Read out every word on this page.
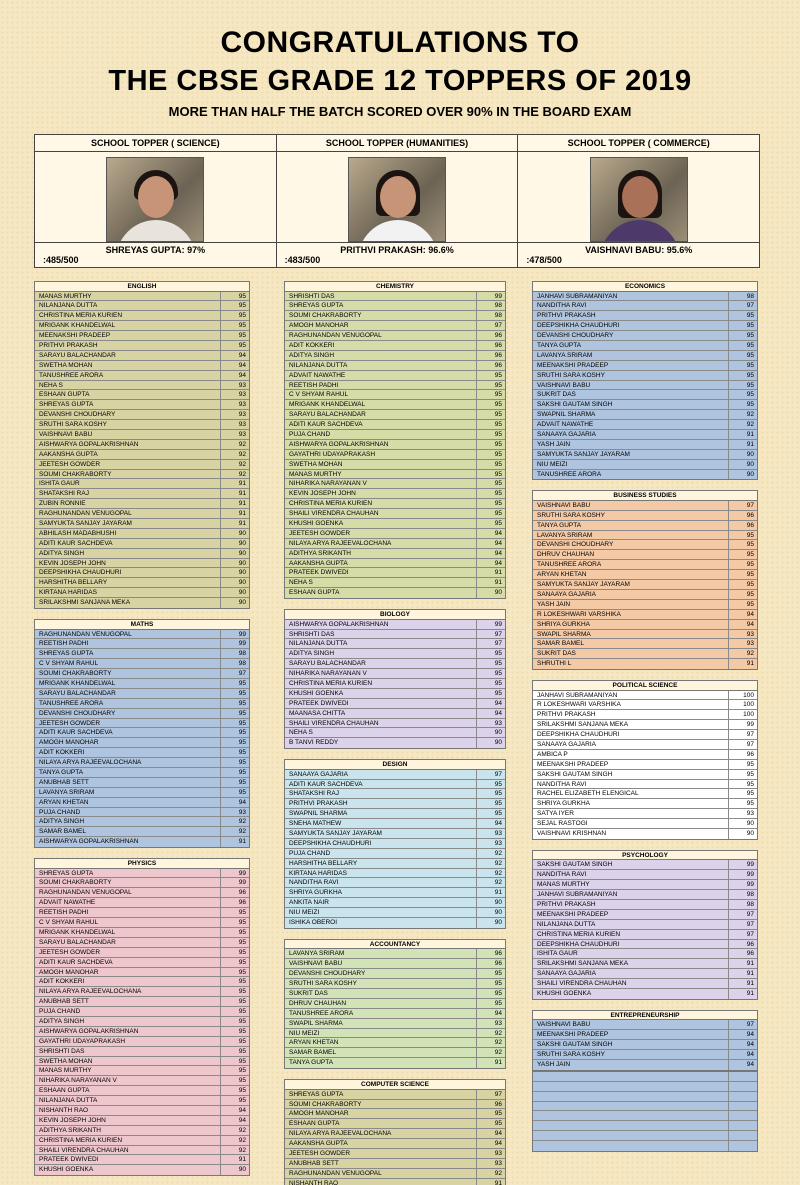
CONGRATULATIONS TO
THE CBSE GRADE 12 TOPPERS OF 2019
MORE THAN HALF THE BATCH SCORED OVER 90% IN THE BOARD EXAM
SCHOOL TOPPER ( SCIENCE)
SHREYAS GUPTA: 97%
:485/500
SCHOOL TOPPER (HUMANITIES)
PRITHVI PRAKASH: 96.6%
:483/500
SCHOOL TOPPER ( COMMERCE)
VAISHNAVI BABU: 95.6%
:478/500
ENGLISH
MANAS MURTHY	95
NILANJANA DUTTA	95
CHRISTINA MERIA KURIEN	95
MRIGANK KHANDELWAL	95
MEENAKSHI PRADEEP	95
PRITHVI PRAKASH	95
SARAYU BALACHANDAR	94
SWETHA MOHAN	94
TANUSHREE ARORA	94
NEHA S	93
ESHAAN GUPTA	93
SHREYAS GUPTA	93
DEVANSHI CHOUDHARY	93
SRUTHI SARA KOSHY	93
VAISHNAVI BABU	93
AISHWARYA GOPALAKRISHNAN	92
AAKANSHA GUPTA	92
JEETESH GOWDER	92
SOUMI CHAKRABORTY	92
ISHITA GAUR	91
SHATAKSHI RAJ	91
ZUBIN RONNIE	91
RAGHUNANDAN VENUGOPAL	91
SAMYUKTA SANJAY JAYARAM	91
ABHILASH MADABHUSHI	90
ADITI KAUR SACHDEVA	90
ADITYA SINGH	90
KEVIN JOSEPH JOHN	90
DEEPSHIKHA CHAUDHURI	90
HARSHITHA BELLARY	90
KIRTANA HARIDAS	90
SRILAKSHMI SANJANA MEKA	90
MATHS
RAGHUNANDAN VENUGOPAL	99
REETISH PADHI	99
SHREYAS GUPTA	98
C V SHYAM RAHUL	98
SOUMI CHAKRABORTY	97
MRIGANK KHANDELWAL	95
SARAYU BALACHANDAR	95
TANUSHREE ARORA	95
DEVANSHI CHOUDHARY	95
JEETESH GOWDER	95
ADITI KAUR SACHDEVA	95
AMOGH MANOHAR	95
ADIT KOKKERI	95
NILAYA ARYA RAJEEVALOCHANA	95
TANYA GUPTA	95
ANUBHAB SETT	95
LAVANYA SRIRAM	95
ARYAN KHETAN	94
PUJA CHAND	93
ADITYA SINGH	92
SAMAR BAMEL	92
AISHWARYA GOPALAKRISHNAN	91
PHYSICS
SHREYAS GUPTA	99
SOUMI CHAKRABORTY	99
RAGHUNANDAN VENUGOPAL	96
ADVAIT NAWATHE	96
REETISH PADHI	95
C V SHYAM RAHUL	95
MRIGANK KHANDELWAL	95
SARAYU BALACHANDAR	95
JEETESH GOWDER	95
ADITI KAUR SACHDEVA	95
AMOGH MANOHAR	95
ADIT KOKKERI	95
NILAYA ARYA RAJEEVALOCHANA	95
ANUBHAB SETT	95
PUJA CHAND	95
ADITYA SINGH	95
AISHWARYA GOPALAKRISHNAN	95
GAYATHRI UDAYAPRAKASH	95
SHRISHTI DAS	95
SWETHA MOHAN	95
MANAS MURTHY	95
NIHARIKA NARAYANAN V	95
ESHAAN GUPTA	95
NILANJANA DUTTA	95
NISHANTH RAO	94
KEVIN JOSEPH JOHN	94
ADITHYA SRIKANTH	92
CHRISTINA MERIA KURIEN	92
SHAILI VIRENDRA CHAUHAN	92
PRATEEK DWIVEDI	91
KHUSHI GOENKA	90
CHEMISTRY
SHRISHTI DAS	99
SHREYAS GUPTA	98
SOUMI CHAKRABORTY	98
AMOGH MANOHAR	97
RAGHUNANDAN VENUGOPAL	96
ADIT KOKKERI	96
ADITYA SINGH	96
NILANJANA DUTTA	96
ADVAIT NAWATHE	95
REETISH PADHI	95
C V SHYAM RAHUL	95
MRIGANK KHANDELWAL	95
SARAYU BALACHANDAR	95
ADITI KAUR SACHDEVA	95
PUJA CHAND	95
AISHWARYA GOPALAKRISHNAN	95
GAYATHRI UDAYAPRAKASH	95
SWETHA MOHAN	95
MANAS MURTHY	95
NIHARIKA NARAYANAN V	95
KEVIN JOSEPH JOHN	95
CHRISTINA MERIA KURIEN	95
SHAILI VIRENDRA CHAUHAN	95
KHUSHI GOENKA	95
JEETESH GOWDER	94
NILAYA ARYA RAJEEVALOCHANA	94
ADITHYA SRIKANTH	94
AAKANSHA GUPTA	94
PRATEEK DWIVEDI	91
NEHA S	91
ESHAAN GUPTA	90
BIOLOGY
AISHWARYA GOPALAKRISHNAN	99
SHRISHTI DAS	97
NILANJANA DUTTA	97
ADITYA SINGH	95
SARAYU BALACHANDAR	95
NIHARIKA NARAYANAN V	95
CHRISTINA MERIA KURIEN	95
KHUSHI GOENKA	95
PRATEEK DWIVEDI	94
MAANASA CHITTA	94
SHAILI VIRENDRA CHAUHAN	93
NEHA S	90
B TANVI REDDY	90
DESIGN
SANAAYA GAJARIA	97
ADITI KAUR SACHDEVA	95
SHATAKSHI RAJ	95
PRITHVI PRAKASH	95
SWAPNIL SHARMA	95
SNEHA MATHEW	94
SAMYUKTA SANJAY JAYARAM	93
DEEPSHIKHA CHAUDHURI	93
PUJA CHAND	92
HARSHITHA BELLARY	92
KIRTANA HARIDAS	92
NANDITHA RAVI	92
SHRIYA GURKHA	91
ANKITA NAIR	90
NIU MEIZI	90
ISHIKA OBEROI	90
ACCOUNTANCY
LAVANYA SRIRAM	96
VAISHNAVI BABU	96
DEVANSHI CHOUDHARY	95
SRUTHI SARA KOSHY	95
SUKRIT DAS	95
DHRUV CHAUHAN	95
TANUSHREE ARORA	94
SWAPIL SHARMA	93
NIU MEIZI	92
ARYAN KHETAN	92
SAMAR BAMEL	92
TANYA GUPTA	91
COMPUTER SCIENCE
SHREYAS GUPTA	97
SOUMI CHAKRABORTY	96
AMOGH MANOHAR	95
ESHAAN GUPTA	95
NILAYA ARYA RAJEEVALOCHANA	94
AAKANSHA GUPTA	94
JEETESH GOWDER	93
ANUBHAB SETT	93
RAGHUNANDAN VENUGOPAL	92
NISHANTH RAO	91
ECONOMICS
JANHAVI SUBRAMANIYAN	98
NANDITHA RAVI	97
PRITHVI PRAKASH	95
DEEPSHIKHA CHAUDHURI	95
DEVANSHI CHOUDHARY	95
TANYA GUPTA	95
LAVANYA SRIRAM	95
MEENAKSHI PRADEEP	95
SRUTHI SARA KOSHY	95
VAISHNAVI BABU	95
SUKRIT DAS	95
SAKSHI GAUTAM SINGH	95
SWAPNIL SHARMA	92
ADVAIT NAWATHE	92
SANAAYA GAJARIA	91
YASH JAIN	91
SAMYUKTA SANJAY JAYARAM	90
NIU MEIZI	90
TANUSHREE ARORA	90
BUSINESS STUDIES
VAISHNAVI BABU	97
SRUTHI SARA KOSHY	96
TANYA GUPTA	96
LAVANYA SRIRAM	95
DEVANSHI CHOUDHARY	95
DHRUV CHAUHAN	95
TANUSHREE ARORA	95
ARYAN KHETAN	95
SAMYUKTA SANJAY JAYARAM	95
SANAAYA GAJARIA	95
YASH JAIN	95
R LOKESHWARI VARSHIKA	94
SHRIYA GURKHA	94
SWAPIL SHARMA	93
SAMAR BAMEL	93
SUKRIT DAS	92
SHRUTHI L	91
POLITICAL SCIENCE
JANHAVI SUBRAMANIYAN	100
R LOKESHWARI VARSHIKA	100
PRITHVI PRAKASH	100
SRILAKSHMI SANJANA MEKA	99
DEEPSHIKHA CHAUDHURI	97
SANAAYA GAJARIA	97
AMBICA P	96
MEENAKSHI PRADEEP	95
SAKSHI GAUTAM SINGH	95
NANDITHA RAVI	95
RACHEL ELIZABETH ELENGICAL	95
SHRIYA GURKHA	95
SATYA IYER	93
SEJAL RASTOGI	90
VAISHNAVI KRISHNAN	90
PSYCHOLOGY
SAKSHI GAUTAM SINGH	99
NANDITHA RAVI	99
MANAS MURTHY	99
JANHAVI SUBRAMANIYAN	98
PRITHVI PRAKASH	98
MEENAKSHI PRADEEP	97
NILANJANA DUTTA	97
CHRISTINA MERIA KURIEN	97
DEEPSHIKHA CHAUDHURI	96
ISHITA GAUR	96
SRILAKSHMI SANJANA MEKA	91
SANAAYA GAJARIA	91
SHAILI VIRENDRA CHAUHAN	91
KHUSHI GOENKA	91
ENTREPRENEURSHIP
VAISHNAVI BABU	97
MEENAKSHI PRADEEP	94
SAKSHI GAUTAM SINGH	94
SRUTHI SARA KOSHY	94
YASH JAIN	94
